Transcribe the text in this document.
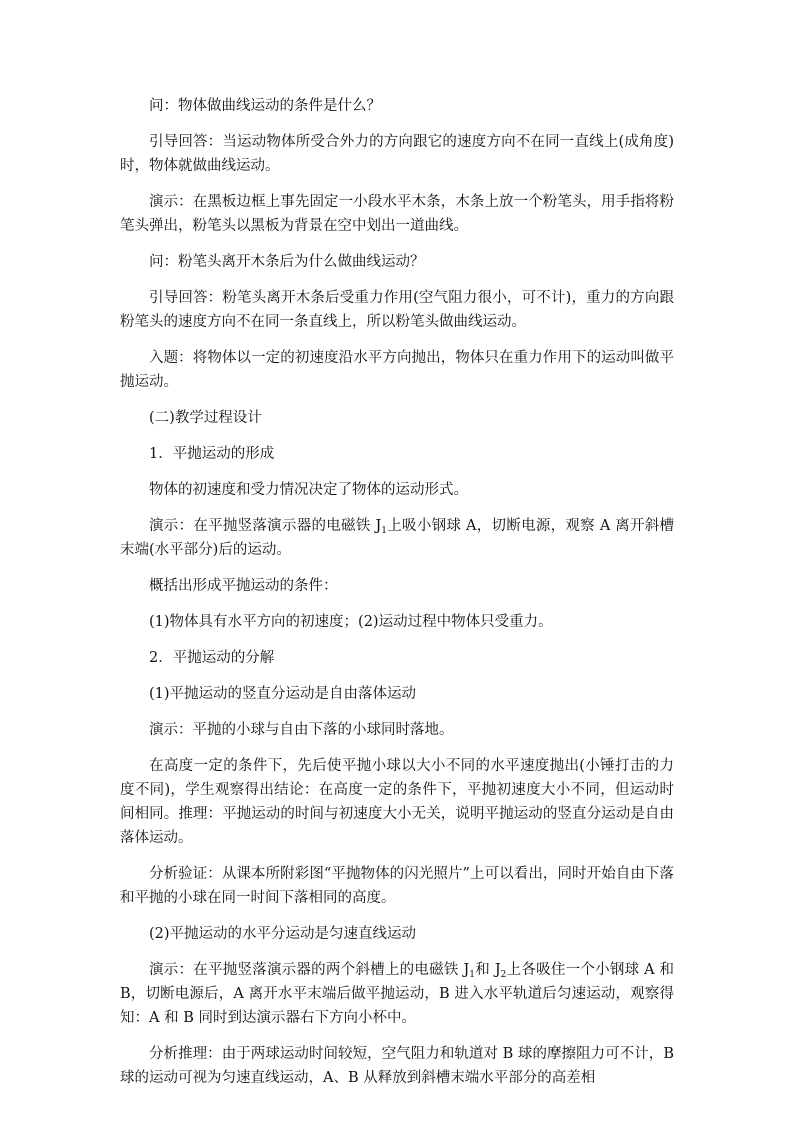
问：物体做曲线运动的条件是什么？

引导回答：当运动物体所受合外力的方向跟它的速度方向不在同一直线上(成角度)时，物体就做曲线运动。

演示：在黑板边框上事先固定一小段水平木条，木条上放一个粉笔头，用手指将粉笔头弹出，粉笔头以黑板为背景在空中划出一道曲线。

问：粉笔头离开木条后为什么做曲线运动？

引导回答：粉笔头离开木条后受重力作用(空气阻力很小，可不计)，重力的方向跟粉笔头的速度方向不在同一条直线上，所以粉笔头做曲线运动。

入题：将物体以一定的初速度沿水平方向抛出，物体只在重力作用下的运动叫做平抛运动。

(二)教学过程设计

1．平抛运动的形成

物体的初速度和受力情况决定了物体的运动形式。

演示：在平抛竖落演示器的电磁铁 $J_1$上吸小钢球 A，切断电源，观察 A 离开斜槽末端(水平部分)后的运动。

概括出形成平抛运动的条件：

(1)物体具有水平方向的初速度；(2)运动过程中物体只受重力。

2．平抛运动的分解

(1)平抛运动的竖直分运动是自由落体运动

演示：平抛的小球与自由下落的小球同时落地。

在高度一定的条件下，先后使平抛小球以大小不同的水平速度抛出(小锤打击的力度不同)，学生观察得出结论：在高度一定的条件下，平抛初速度大小不同，但运动时间相同。推理：平抛运动的时间与初速度大小无关，说明平抛运动的竖直分运动是自由落体运动。

分析验证：从课本所附彩图“平抛物体的闪光照片”上可以看出，同时开始自由下落和平抛的小球在同一时间下落相同的高度。

(2)平抛运动的水平分运动是匀速直线运动

演示：在平抛竖落演示器的两个斜槽上的电磁铁 $J_1$和 $J_2$上各吸住一个小钢球 A 和 B，切断电源后，A 离开水平末端后做平抛运动，B 进入水平轨道后匀速运动，观察得知：A 和 B 同时到达演示器右下方向小杯中。

分析推理：由于两球运动时间较短，空气阻力和轨道对 B 球的摩擦阻力可不计，B 球的运动可视为匀速直线运动，A、B 从释放到斜槽末端水平部分的高差相
